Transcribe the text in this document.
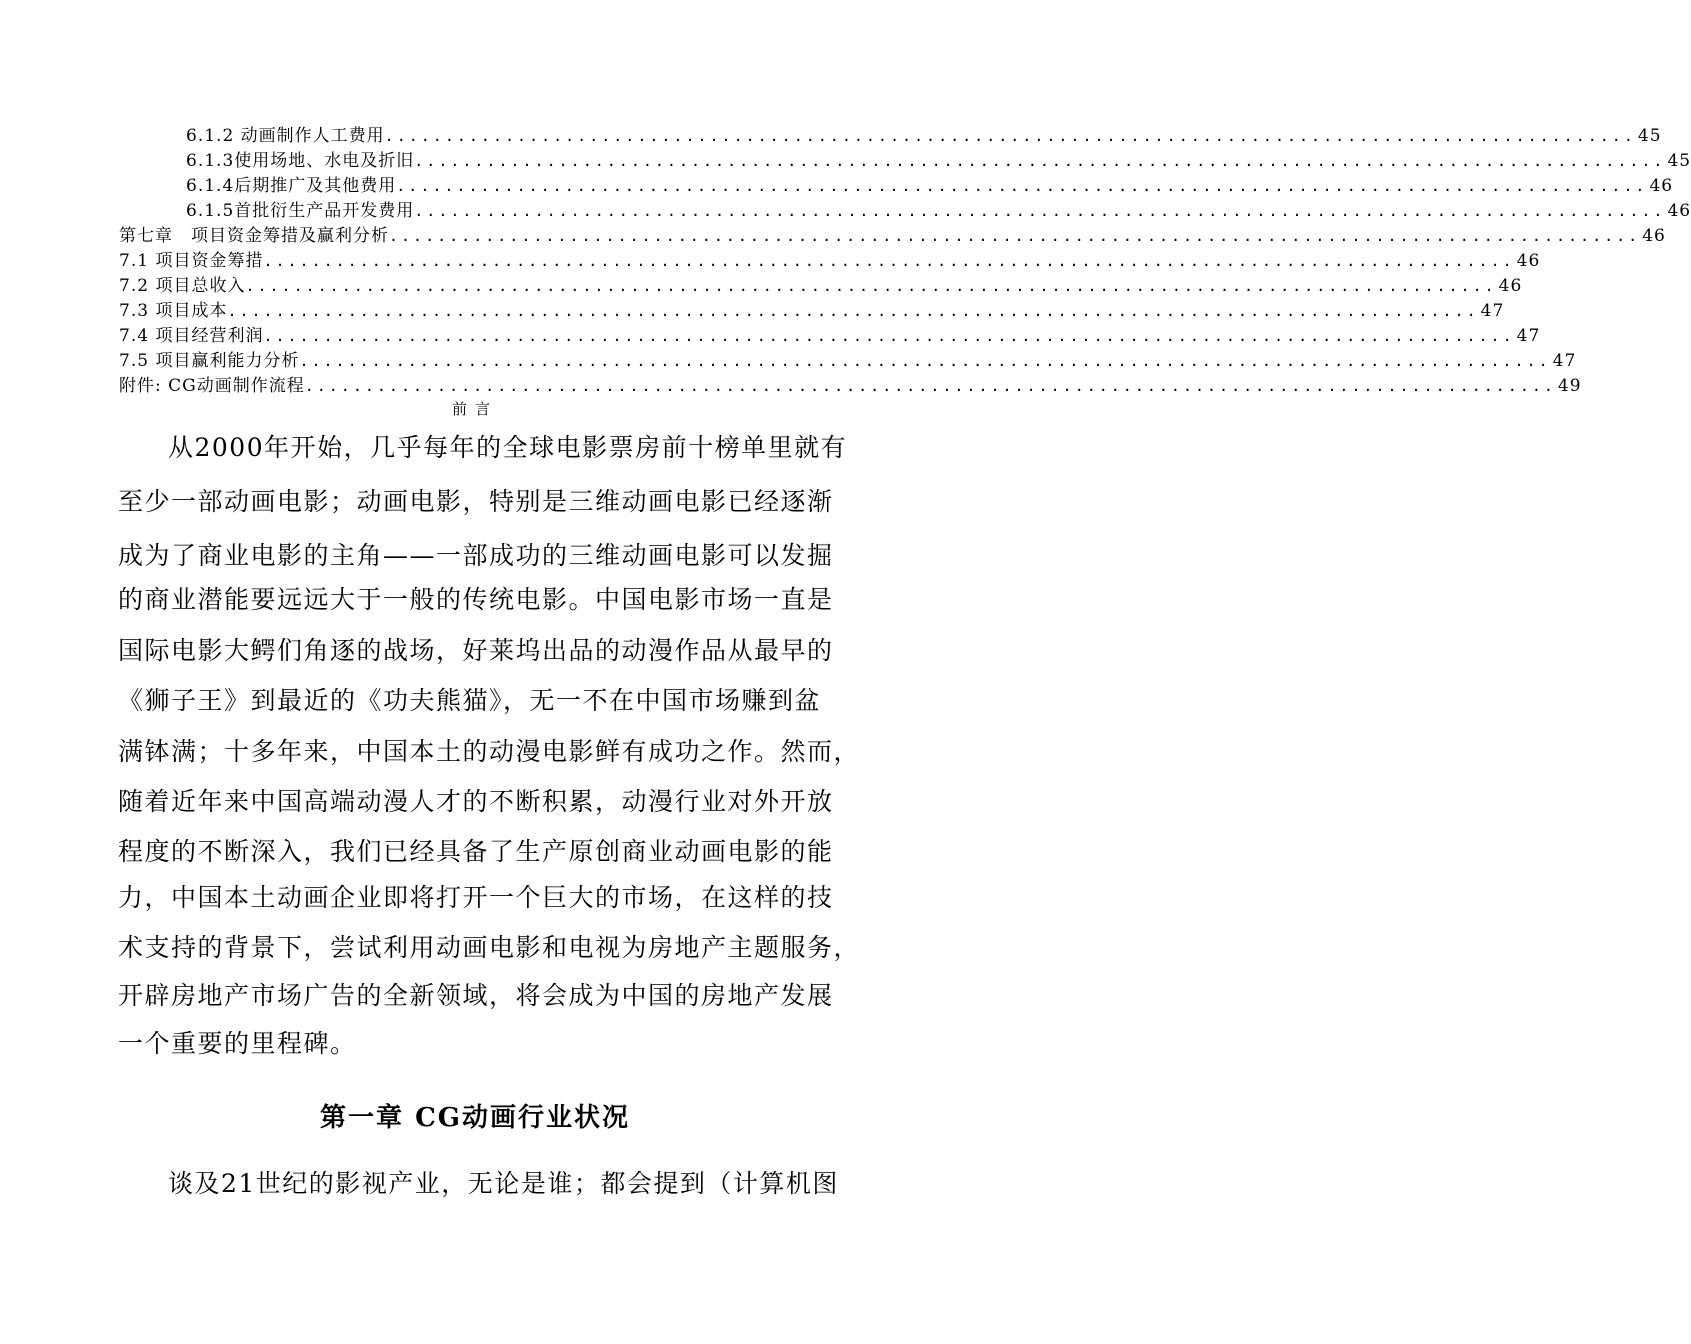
6.1.2 动画制作人工费用 ........................................................................................................ 45
6.1.3使用场地、水电及折旧 ........................................................................................................ 45
6.1.4后期推广及其他费用 ........................................................................................................ 46
6.1.5首批衍生产品开发费用 ........................................................................................................ 46
第七章　项目资金筹措及赢利分析 ........................................................................................................ 46
7.1 项目资金筹措 ........................................................................................................ 46
7.2 项目总收入 ........................................................................................................ 46
7.3 项目成本 ........................................................................................................ 47
7.4 项目经营利润 ........................................................................................................ 47
7.5 项目赢利能力分析 ........................................................................................................ 47
附件: CG动画制作流程 ........................................................................................................ 49
前言
从2000年开始，几乎每年的全球电影票房前十榜单里就有
至少一部动画电影；动画电影，特别是三维动画电影已经逐渐
成为了商业电影的主角——一部成功的三维动画电影可以发掘
的商业潜能要远远大于一般的传统电影。中国电影市场一直是
国际电影大鳄们角逐的战场，好莱坞出品的动漫作品从最早的
《狮子王》到最近的《功夫熊猫》，无一不在中国市场赚到盆
满钵满；十多年来，中国本土的动漫电影鲜有成功之作。然而，
随着近年来中国高端动漫人才的不断积累，动漫行业对外开放
程度的不断深入，我们已经具备了生产原创商业动画电影的能
力，中国本土动画企业即将打开一个巨大的市场，在这样的技
术支持的背景下，尝试利用动画电影和电视为房地产主题服务，
开辟房地产市场广告的全新领域，将会成为中国的房地产发展
一个重要的里程碑。
第一章 CG动画行业状况
谈及21世纪的影视产业，无论是谁；都会提到（计算机图
